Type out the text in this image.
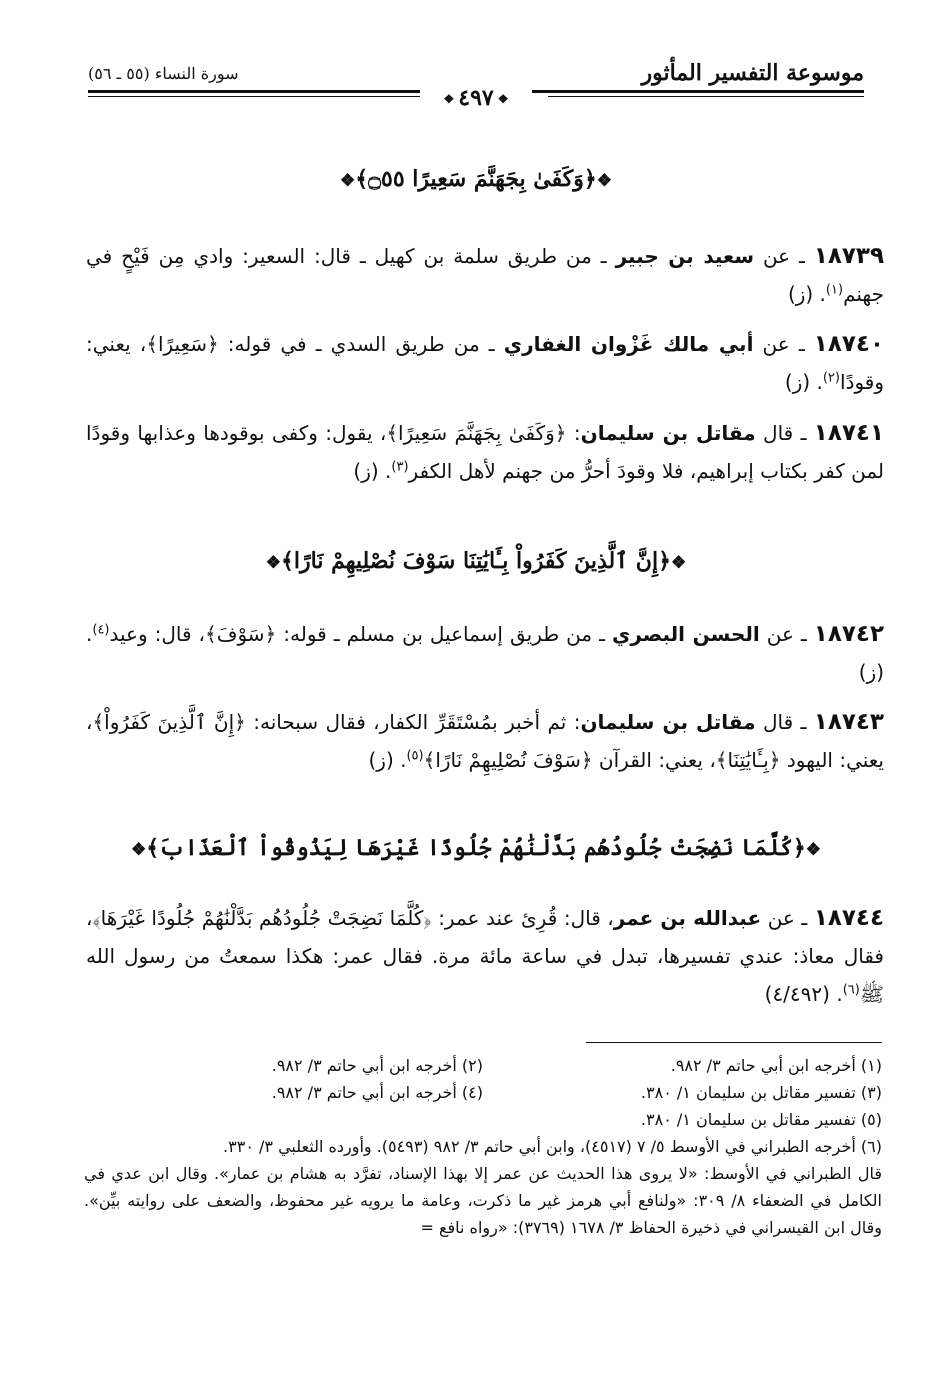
موسوعة التفسير المأثور
سورة النساء (٥٥ ـ ٥٦)
❖٤٩٧❖
❖﴿وَكَفَىٰ بِجَهَنَّمَ سَعِيرًا ۝٥٥﴾❖
١٨٧٣٩ ـ عن سعيد بن جبير ـ من طريق سلمة بن كهيل ـ قال: السعير: وادي مِن فَيْحٍ في جهنم$^{(١)}$. (ز)
١٨٧٤٠ ـ عن أبي مالك غَزْوان الغفاري ـ من طريق السدي ـ في قوله: ﴿سَعِيرًا﴾، يعني: وقودًا$^{(٢)}$. (ز)
١٨٧٤١ ـ قال مقاتل بن سليمان: ﴿وَكَفَىٰ بِجَهَنَّمَ سَعِيرًا﴾، يقول: وكفى بوقودها وعذابها وقودًا لمن كفر بكتاب إبراهيم، فلا وقودَ أحرُّ من جهنم لأهل الكفر$^{(٣)}$. (ز)
❖﴿إِنَّ ٱلَّذِينَ كَفَرُواْ بِـَٔايَٰتِنَا سَوْفَ نُصْلِيهِمْ نَارًا﴾❖
١٨٧٤٢ ـ عن الحسن البصري ـ من طريق إسماعيل بن مسلم ـ قوله: ﴿سَوْفَ﴾، قال: وعيد$^{(٤)}$. (ز)
١٨٧٤٣ ـ قال مقاتل بن سليمان: ثم أخبر بمُسْتَقَرِّ الكفار، فقال سبحانه: ﴿إِنَّ ٱلَّذِينَ كَفَرُواْ﴾، يعني: اليهود ﴿بِـَٔايَٰتِنَا﴾، يعني: القرآن ﴿سَوْفَ نُصْلِيهِمْ نَارًا﴾$^{(٥)}$. (ز)
❖﴿كُلَّمَا نَضِجَتْ جُلُودُهُم بَدَّلْنَٰهُمْ جُلُودًا غَيْرَهَا لِيَذُوقُواْ ٱلْعَذَابَ﴾❖
١٨٧٤٤ ـ عن عبدالله بن عمر، قال: قُرِئ عند عمر: ﴿كُلَّمَا نَضِجَتْ جُلُودُهُم بَدَّلْنَٰهُمْ جُلُودًا غَيْرَهَا﴾، فقال معاذ: عندي تفسيرها، تبدل في ساعة مائة مرة. فقال عمر: هكذا سمعتُ من رسول الله ﷺ$^{(٦)}$. (٤/٤٩٢)
(١) أخرجه ابن أبي حاتم ٣/ ٩٨٢.
(٢) أخرجه ابن أبي حاتم ٣/ ٩٨٢.
(٣) تفسير مقاتل بن سليمان ١/ ٣٨٠.
(٤) أخرجه ابن أبي حاتم ٣/ ٩٨٢.
(٥) تفسير مقاتل بن سليمان ١/ ٣٨٠.
(٦) أخرجه الطبراني في الأوسط ٥/ ٧ (٤٥١٧)، وابن أبي حاتم ٣/ ٩٨٢ (٥٤٩٣). وأورده الثعلبي ٣/ ٣٣٠.
قال الطبراني في الأوسط: «لا يروى هذا الحديث عن عمر إلا بهذا الإسناد، تفرَّد به هشام بن عمار». وقال ابن عدي في الكامل في الضعفاء ٨/ ٣٠٩: «ولنافع أبي هرمز غير ما ذكرت، وعامة ما يرويه غير محفوظ، والضعف على روايته بيِّن». وقال ابن القيسراني في ذخيرة الحفاظ ٣/ ١٦٧٨ (٣٧٦٩): «رواه نافع =
